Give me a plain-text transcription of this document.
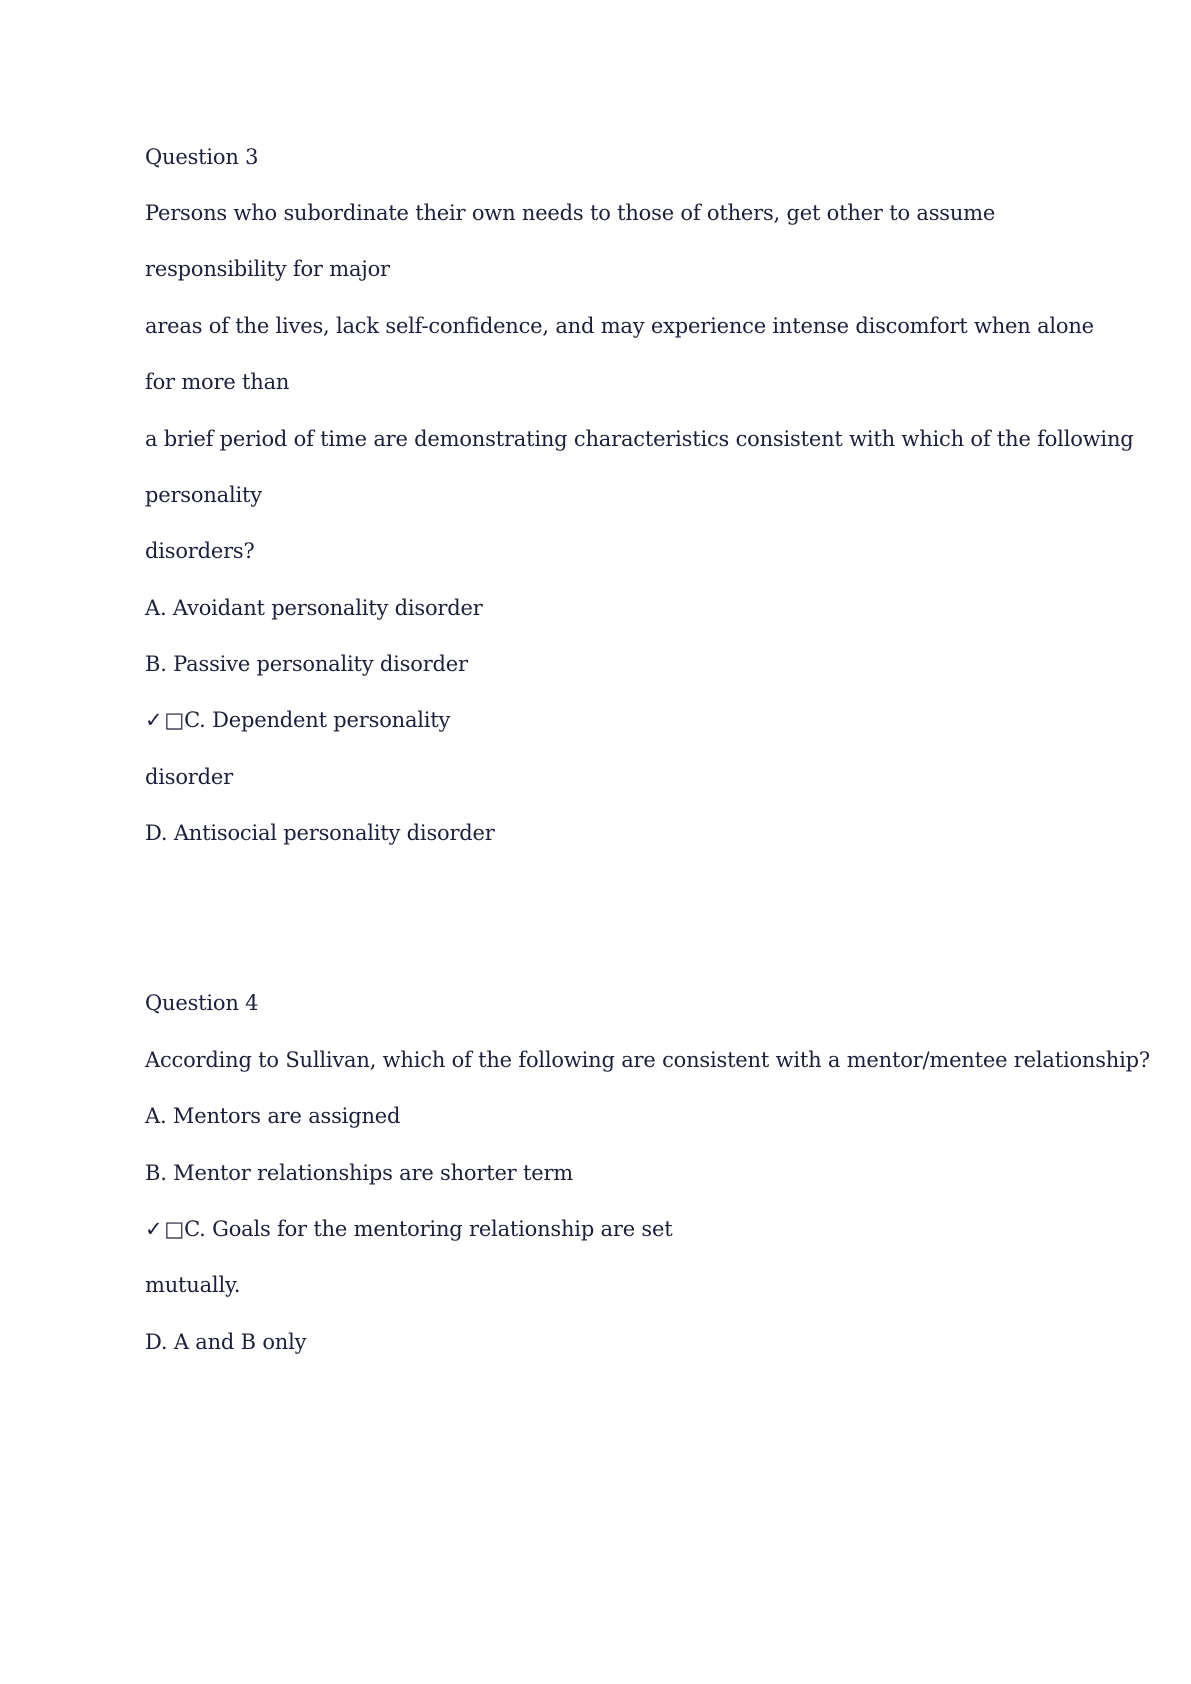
Question 3

Persons who subordinate their own needs to those of others, get other to assume

responsibility for major

areas of the lives, lack self-confidence, and may experience intense discomfort when alone

for more than

a brief period of time are demonstrating characteristics consistent with which of the following

personality

disorders?

A. Avoidant personality disorder

B. Passive personality disorder

✓□C. Dependent personality

disorder

D. Antisocial personality disorder

Question 4

According to Sullivan, which of the following are consistent with a mentor/mentee relationship?

A. Mentors are assigned

B. Mentor relationships are shorter term

✓□C. Goals for the mentoring relationship are set

mutually.

D. A and B only
